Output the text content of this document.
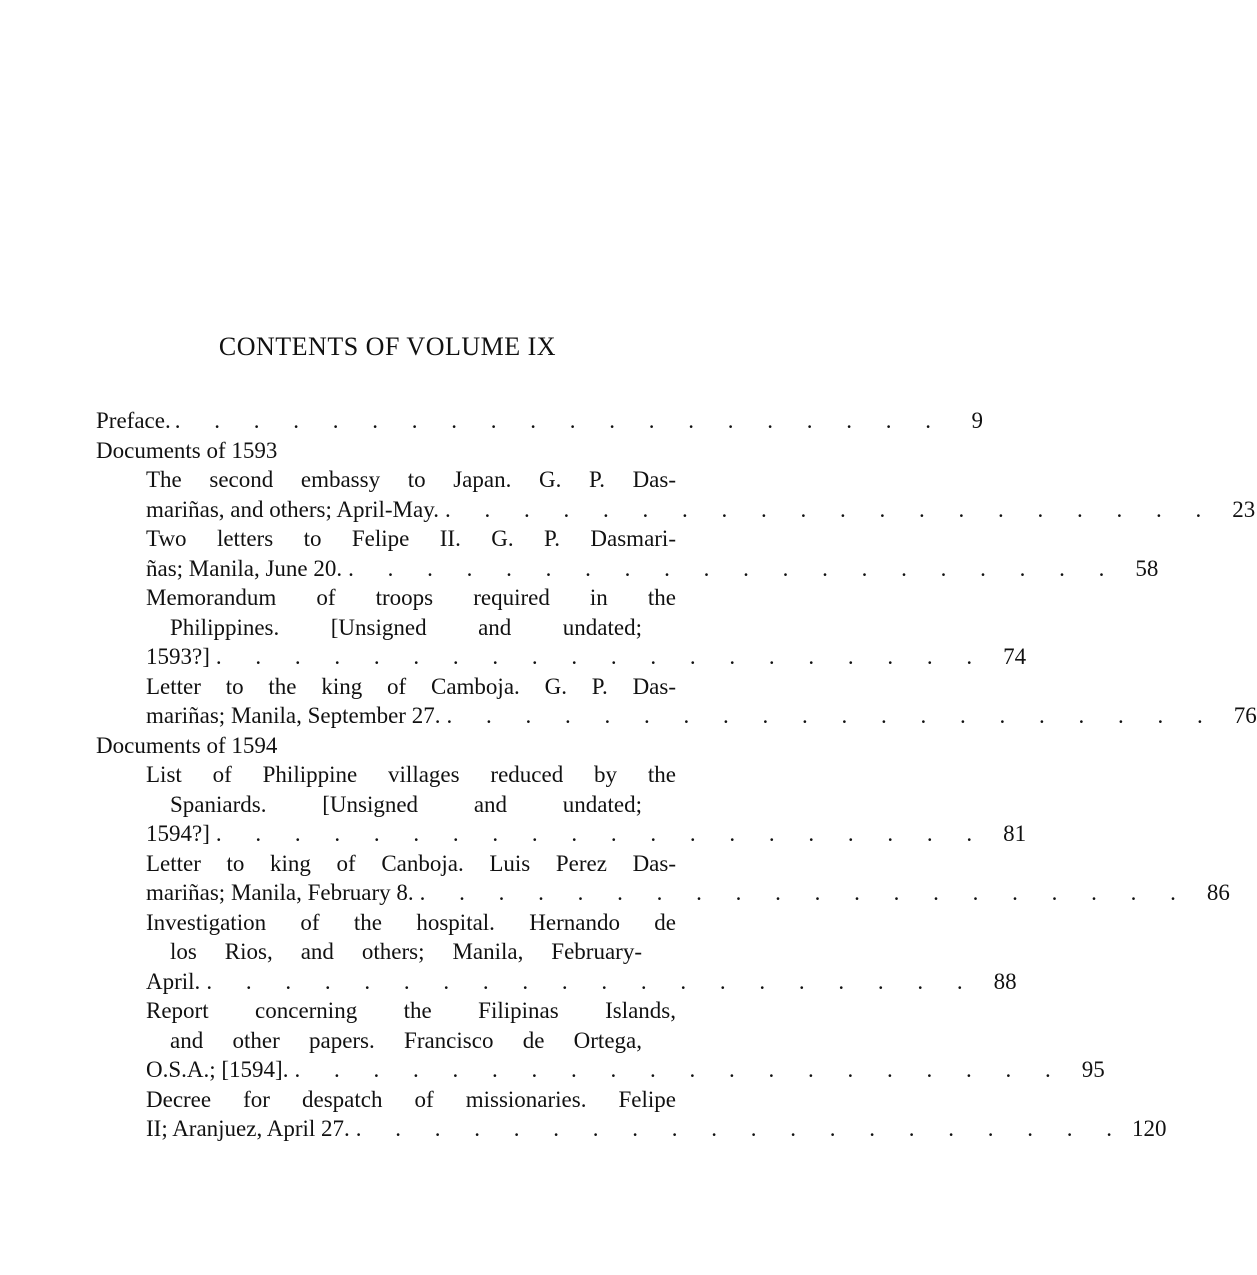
CONTENTS OF VOLUME IX
Preface. . . . . . . . . . . . . . . . . . . . .	9
Documents of 1593
The second embassy to Japan. G. P. Das-
mariñas, and others; April-May. . . . . . . . . . . . . . . . . . . . . 23
Two letters to Felipe II. G. P. Dasmari-
ñas; Manila, June 20. . . . . . . . . . . . . . . . . . . . . 58
Memorandum of troops required in the
Philippines. [Unsigned and undated;
1593?] . . . . . . . . . . . . . . . . . . . . 74
Letter to the king of Camboja. G. P. Das-
mariñas; Manila, September 27. . . . . . . . . . . . . . . . . . . . . 76
Documents of 1594
List of Philippine villages reduced by the
Spaniards. [Unsigned and undated;
1594?] . . . . . . . . . . . . . . . . . . . . 81
Letter to king of Canboja. Luis Perez Das-
mariñas; Manila, February 8. . . . . . . . . . . . . . . . . . . . . 86
Investigation of the hospital. Hernando de
los Rios, and others; Manila, February-
April. . . . . . . . . . . . . . . . . . . . . 88
Report concerning the Filipinas Islands,
and other papers. Francisco de Ortega,
O.S.A.; [1594]. . . . . . . . . . . . . . . . . . . . . 95
Decree for despatch of missionaries. Felipe
II; Aranjuez, April 27. . . . . . . . . . . . . . . . . . . . . 120
